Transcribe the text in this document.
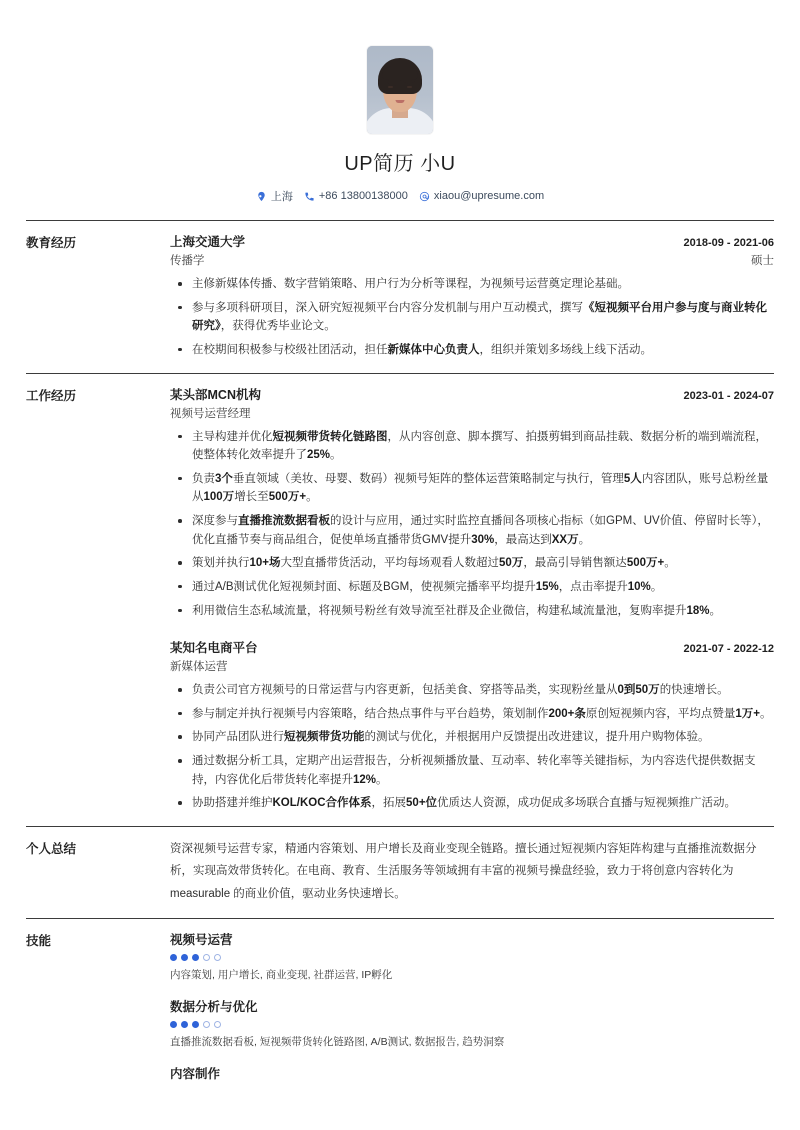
UP简历 小U
上海 +86 13800138000 xiaou@upresume.com
教育经历	上海交通大学	2018-09 - 2021-06
传播学	硕士
主修新媒体传播、数字营销策略、用户行为分析等课程，为视频号运营奠定理论基础。
参与多项科研项目，深入研究短视频平台内容分发机制与用户互动模式，撰写《短视频平台用户参与度与商业转化研究》，获得优秀毕业论文。
在校期间积极参与校级社团活动，担任新媒体中心负责人，组织并策划多场线上线下活动。
工作经历	某头部MCN机构	2023-01 - 2024-07
视频号运营经理
主导构建并优化短视频带货转化链路图，从内容创意、脚本撰写、拍摄剪辑到商品挂载、数据分析的端到端流程，使整体转化效率提升了25%。
负责3个垂直领域（美妆、母婴、数码）视频号矩阵的整体运营策略制定与执行，管理5人内容团队，账号总粉丝量从100万增长至500万+。
深度参与直播推流数据看板的设计与应用，通过实时监控直播间各项核心指标（如GPM、UV价值、停留时长等），优化直播节奏与商品组合，促使单场直播带货GMV提升30%，最高达到XX万。
策划并执行10+场大型直播带货活动，平均每场观看人数超过50万，最高引导销售额达500万+。
通过A/B测试优化短视频封面、标题及BGM，使视频完播率平均提升15%，点击率提升10%。
利用微信生态私域流量，将视频号粉丝有效导流至社群及企业微信，构建私域流量池，复购率提升18%。
某知名电商平台	2021-07 - 2022-12
新媒体运营
负责公司官方视频号的日常运营与内容更新，包括美食、穿搭等品类，实现粉丝量从0到50万的快速增长。
参与制定并执行视频号内容策略，结合热点事件与平台趋势，策划制作200+条原创短视频内容，平均点赞量1万+。
协同产品团队进行短视频带货功能的测试与优化，并根据用户反馈提出改进建议，提升用户购物体验。
通过数据分析工具，定期产出运营报告，分析视频播放量、互动率、转化率等关键指标，为内容迭代提供数据支持，内容优化后带货转化率提升12%。
协助搭建并维护KOL/KOC合作体系，拓展50+位优质达人资源，成功促成多场联合直播与短视频推广活动。
个人总结	资深视频号运营专家，精通内容策划、用户增长及商业变现全链路。擅长通过短视频内容矩阵构建与直播推流数据分析，实现高效带货转化。在电商、教育、生活服务等领域拥有丰富的视频号操盘经验，致力于将创意内容转化为 measurable 的商业价值，驱动业务快速增长。
技能	视频号运营
内容策划, 用户增长, 商业变现, 社群运营, IP孵化
数据分析与优化
直播推流数据看板, 短视频带货转化链路图, A/B测试, 数据报告, 趋势洞察
内容制作
